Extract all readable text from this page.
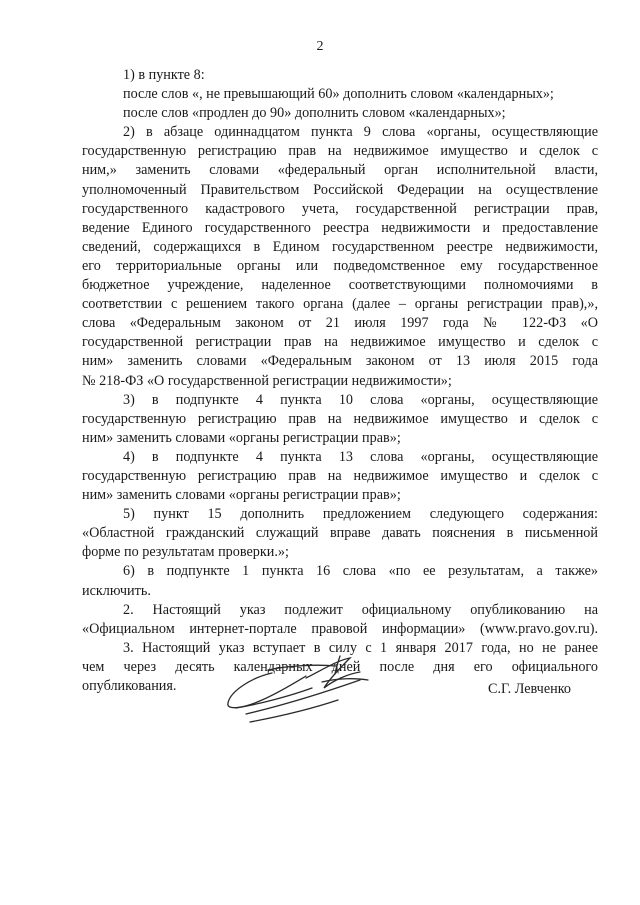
2
1) в пункте 8:
после слов «, не превышающий 60» дополнить словом «календарных»;
после слов «продлен до 90» дополнить словом «календарных»;
2) в абзаце одиннадцатом пункта 9 слова «органы, осуществляющие
государственную регистрацию прав на недвижимое имущество и сделок с
ним,» заменить словами «федеральный орган исполнительной власти,
уполномоченный Правительством Российской Федерации на осуществление
государственного кадастрового учета, государственной регистрации прав,
ведение Единого государственного реестра недвижимости и предоставление
сведений, содержащихся в Едином государственном реестре недвижимости,
его территориальные органы или подведомственное ему государственное
бюджетное учреждение, наделенное соответствующими полномочиями в
соответствии с решением такого органа (далее – органы регистрации прав),»,
слова «Федеральным законом от 21 июля 1997 года № 122-ФЗ «О
государственной регистрации прав на недвижимое имущество и сделок с
ним» заменить словами «Федеральным законом от 13 июля 2015 года
№ 218-ФЗ «О государственной регистрации недвижимости»;
3) в подпункте 4 пункта 10 слова «органы, осуществляющие
государственную регистрацию прав на недвижимое имущество и сделок с
ним» заменить словами «органы регистрации прав»;
4) в подпункте 4 пункта 13 слова «органы, осуществляющие
государственную регистрацию прав на недвижимое имущество и сделок с
ним» заменить словами «органы регистрации прав»;
5) пункт 15 дополнить предложением следующего содержания:
«Областной гражданский служащий вправе давать пояснения в письменной
форме по результатам проверки.»;
6) в подпункте 1 пункта 16 слова «по ее результатам, а также»
исключить.
2. Настоящий указ подлежит официальному опубликованию на
«Официальном интернет-портале правовой информации» (www.pravo.gov.ru).
3. Настоящий указ вступает в силу с 1 января 2017 года, но не ранее
чем через десять календарных дней после дня его официального
опубликования.	С.Г. Левченко
